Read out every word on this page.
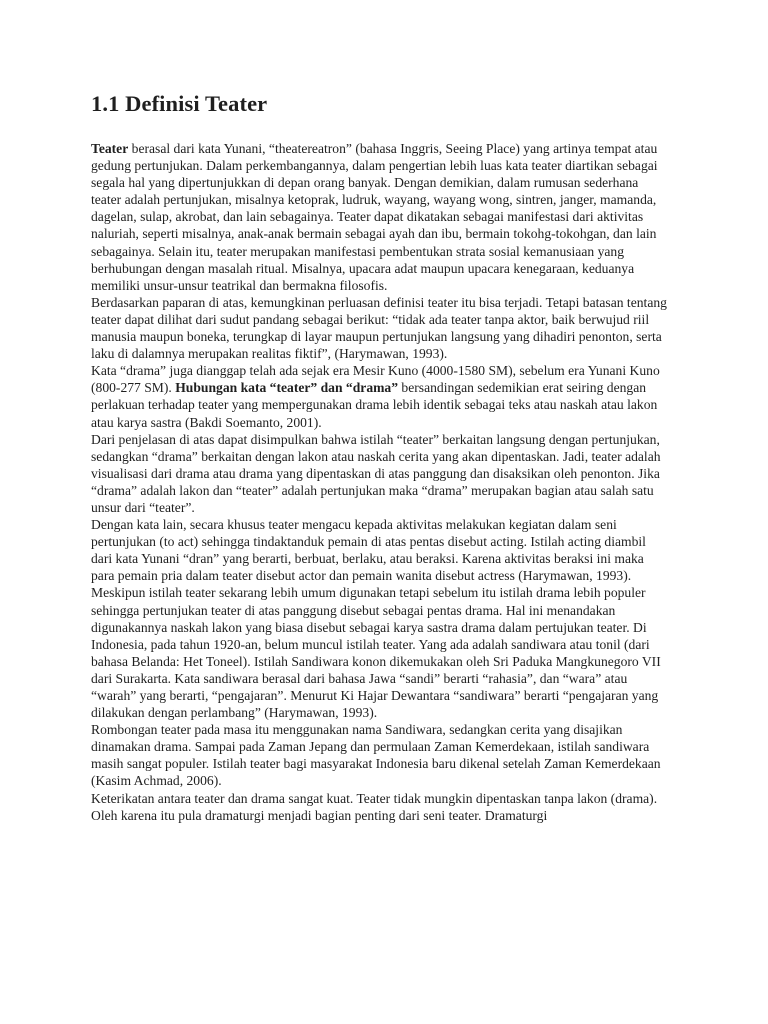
1.1 Definisi Teater

Teater berasal dari kata Yunani, “theatereatron” (bahasa Inggris, Seeing Place) yang artinya tempat atau gedung pertunjukan. Dalam perkembangannya, dalam pengertian lebih luas kata teater diartikan sebagai segala hal yang dipertunjukkan di depan orang banyak. Dengan demikian, dalam rumusan sederhana teater adalah pertunjukan, misalnya ketoprak, ludruk, wayang, wayang wong, sintren, janger, mamanda, dagelan, sulap, akrobat, dan lain sebagainya. Teater dapat dikatakan sebagai manifestasi dari aktivitas naluriah, seperti misalnya, anak-anak bermain sebagai ayah dan ibu, bermain tokohg-tokohgan, dan lain sebagainya. Selain itu, teater merupakan manifestasi pembentukan strata sosial kemanusiaan yang berhubungan dengan masalah ritual. Misalnya, upacara adat maupun upacara kenegaraan, keduanya memiliki unsur-unsur teatrikal dan bermakna filosofis.

Berdasarkan paparan di atas, kemungkinan perluasan definisi teater itu bisa terjadi. Tetapi batasan tentang teater dapat dilihat dari sudut pandang sebagai berikut: “tidak ada teater tanpa aktor, baik berwujud riil manusia maupun boneka, terungkap di layar maupun pertunjukan langsung yang dihadiri penonton, serta laku di dalamnya merupakan realitas fiktif”, (Harymawan, 1993).

Kata “drama” juga dianggap telah ada sejak era Mesir Kuno (4000-1580 SM), sebelum era Yunani Kuno (800-277 SM). Hubungan kata “teater” dan “drama” bersandingan sedemikian erat seiring dengan perlakuan terhadap teater yang mempergunakan drama lebih identik sebagai teks atau naskah atau lakon atau karya sastra (Bakdi Soemanto, 2001).

Dari penjelasan di atas dapat disimpulkan bahwa istilah “teater” berkaitan langsung dengan pertunjukan, sedangkan “drama” berkaitan dengan lakon atau naskah cerita yang akan dipentaskan. Jadi, teater adalah visualisasi dari drama atau drama yang dipentaskan di atas panggung dan disaksikan oleh penonton. Jika “drama” adalah lakon dan “teater” adalah pertunjukan maka “drama” merupakan bagian atau salah satu unsur dari “teater”.

Dengan kata lain, secara khusus teater mengacu kepada aktivitas melakukan kegiatan dalam seni pertunjukan (to act) sehingga tindaktanduk pemain di atas pentas disebut acting. Istilah acting diambil dari kata Yunani “dran” yang berarti, berbuat, berlaku, atau beraksi. Karena aktivitas beraksi ini maka para pemain pria dalam teater disebut actor dan pemain wanita disebut actress (Harymawan, 1993).

Meskipun istilah teater sekarang lebih umum digunakan tetapi sebelum itu istilah drama lebih populer sehingga pertunjukan teater di atas panggung disebut sebagai pentas drama. Hal ini menandakan digunakannya naskah lakon yang biasa disebut sebagai karya sastra drama dalam pertujukan teater. Di Indonesia, pada tahun 1920-an, belum muncul istilah teater. Yang ada adalah sandiwara atau tonil (dari bahasa Belanda: Het Toneel). Istilah Sandiwara konon dikemukakan oleh Sri Paduka Mangkunegoro VII dari Surakarta. Kata sandiwara berasal dari bahasa Jawa “sandi” berarti “rahasia”, dan “wara” atau “warah” yang berarti, “pengajaran”. Menurut Ki Hajar Dewantara “sandiwara” berarti “pengajaran yang dilakukan dengan perlambang” (Harymawan, 1993).

Rombongan teater pada masa itu menggunakan nama Sandiwara, sedangkan cerita yang disajikan dinamakan drama. Sampai pada Zaman Jepang dan permulaan Zaman Kemerdekaan, istilah sandiwara masih sangat populer. Istilah teater bagi masyarakat Indonesia baru dikenal setelah Zaman Kemerdekaan (Kasim Achmad, 2006).

Keterikatan antara teater dan drama sangat kuat. Teater tidak mungkin dipentaskan tanpa lakon (drama). Oleh karena itu pula dramaturgi menjadi bagian penting dari seni teater. Dramaturgi
